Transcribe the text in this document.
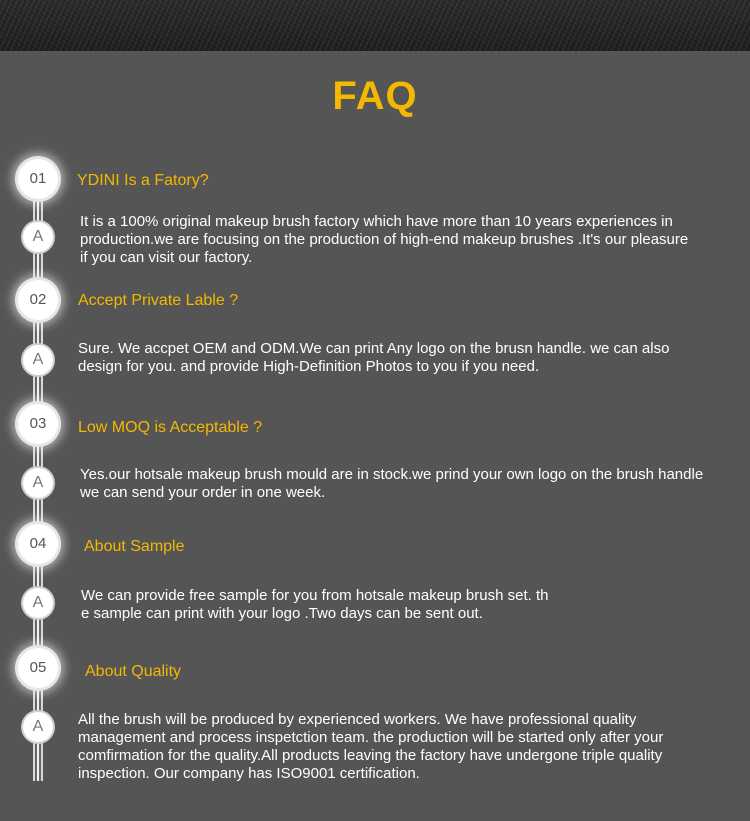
FAQ
01	YDINI Is a Fatory?
A
It is a 100% original makeup brush factory which have more than 10 years experiences in
production.we are focusing on the production of high-end makeup brushes .It's our pleasure
if you can visit our factory.
02	Accept Private Lable ?
A
Sure. We accpet OEM and ODM.We can print Any logo on the brusn handle. we can also
design for you. and provide High-Definition Photos to you if you need.
03	Low MOQ is Acceptable ?
A	Yes.our hotsale makeup brush mould are in stock.we prind your own logo on the brush handle
we can send your order in one week.
04	About Sample
A	We can provide free sample for you from hotsale makeup brush set. th
e sample can print with your logo .Two days can be sent out.
05	About Quality
A	All the brush will be produced by experienced workers. We have professional quality
management and process inspetction team. the production will be started only after your
comfirmation for the quality.All products leaving the factory have undergone triple quality
inspection. Our company has ISO9001 certification.
